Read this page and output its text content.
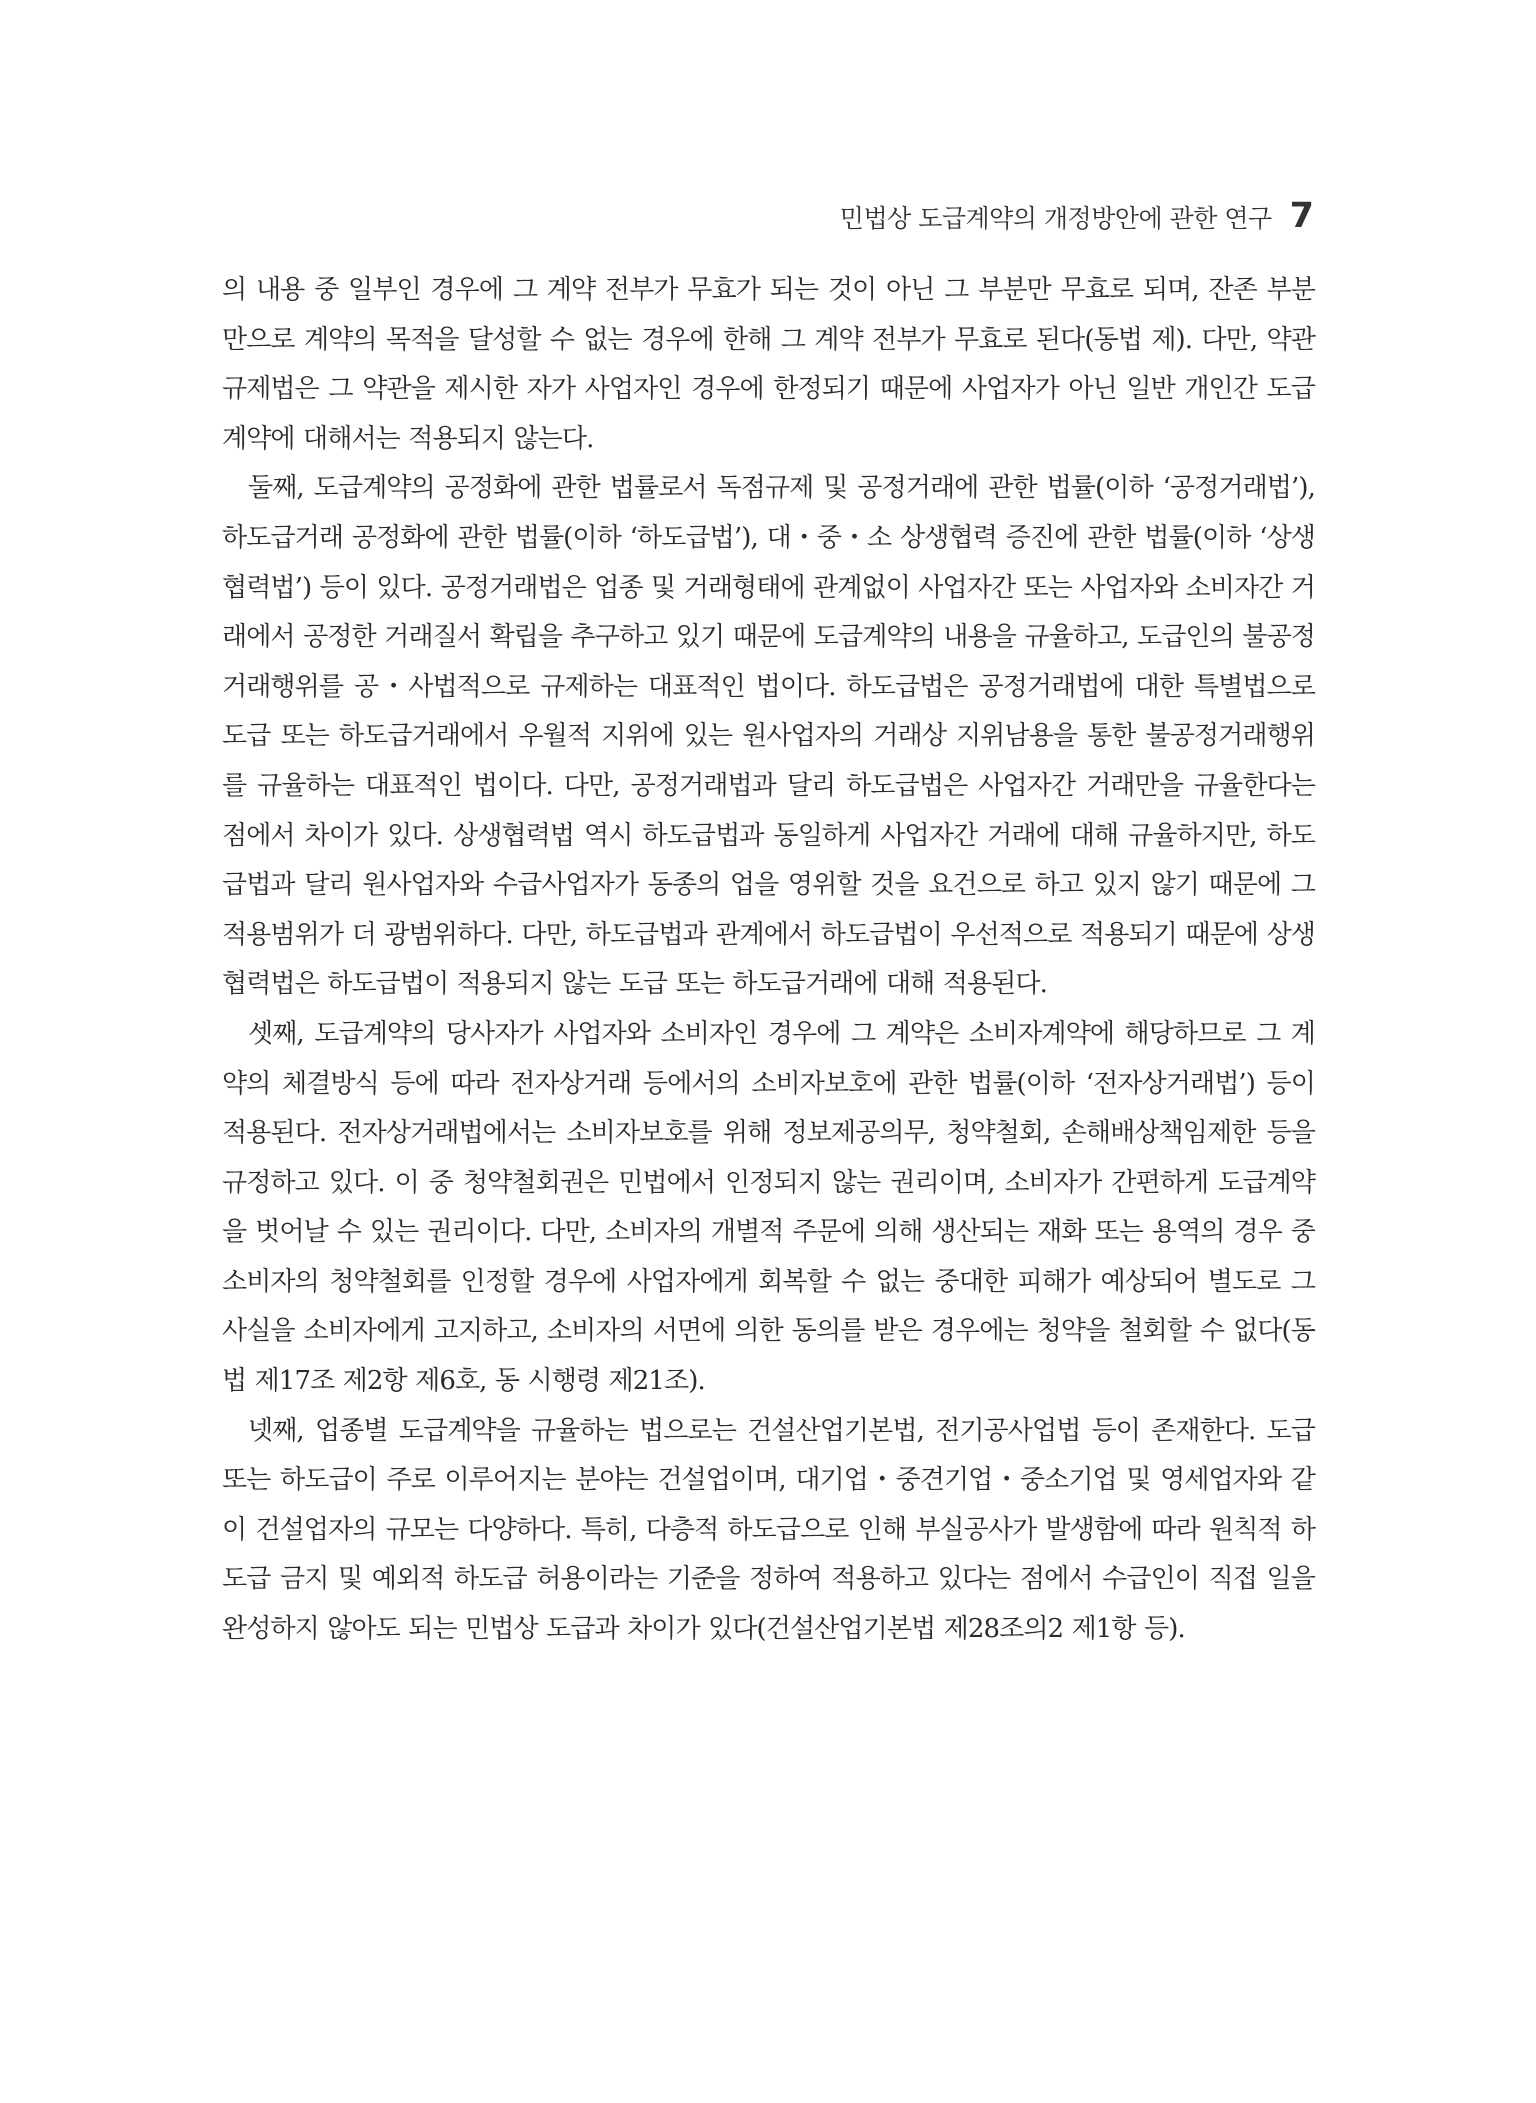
민법상 도급계약의 개정방안에 관한 연구 7

의 내용 중 일부인 경우에 그 계약 전부가 무효가 되는 것이 아닌 그 부분만 무효로 되며, 잔존 부분만으로 계약의 목적을 달성할 수 없는 경우에 한해 그 계약 전부가 무효로 된다(동법 제). 다만, 약관규제법은 그 약관을 제시한 자가 사업자인 경우에 한정되기 때문에 사업자가 아닌 일반 개인간 도급계약에 대해서는 적용되지 않는다.

둘째, 도급계약의 공정화에 관한 법률로서 독점규제 및 공정거래에 관한 법률(이하 ‘공정거래법’), 하도급거래 공정화에 관한 법률(이하 ‘하도급법’), 대・중・소 상생협력 증진에 관한 법률(이하 ‘상생협력법’) 등이 있다. 공정거래법은 업종 및 거래형태에 관계없이 사업자간 또는 사업자와 소비자간 거래에서 공정한 거래질서 확립을 추구하고 있기 때문에 도급계약의 내용을 규율하고, 도급인의 불공정거래행위를 공・사법적으로 규제하는 대표적인 법이다. 하도급법은 공정거래법에 대한 특별법으로 도급 또는 하도급거래에서 우월적 지위에 있는 원사업자의 거래상 지위남용을 통한 불공정거래행위를 규율하는 대표적인 법이다. 다만, 공정거래법과 달리 하도급법은 사업자간 거래만을 규율한다는 점에서 차이가 있다. 상생협력법 역시 하도급법과 동일하게 사업자간 거래에 대해 규율하지만, 하도급법과 달리 원사업자와 수급사업자가 동종의 업을 영위할 것을 요건으로 하고 있지 않기 때문에 그 적용범위가 더 광범위하다. 다만, 하도급법과 관계에서 하도급법이 우선적으로 적용되기 때문에 상생협력법은 하도급법이 적용되지 않는 도급 또는 하도급거래에 대해 적용된다.

셋째, 도급계약의 당사자가 사업자와 소비자인 경우에 그 계약은 소비자계약에 해당하므로 그 계약의 체결방식 등에 따라 전자상거래 등에서의 소비자보호에 관한 법률(이하 ‘전자상거래법’) 등이 적용된다. 전자상거래법에서는 소비자보호를 위해 정보제공의무, 청약철회, 손해배상책임제한 등을 규정하고 있다. 이 중 청약철회권은 민법에서 인정되지 않는 권리이며, 소비자가 간편하게 도급계약을 벗어날 수 있는 권리이다. 다만, 소비자의 개별적 주문에 의해 생산되는 재화 또는 용역의 경우 중 소비자의 청약철회를 인정할 경우에 사업자에게 회복할 수 없는 중대한 피해가 예상되어 별도로 그 사실을 소비자에게 고지하고, 소비자의 서면에 의한 동의를 받은 경우에는 청약을 철회할 수 없다(동법 제17조 제2항 제6호, 동 시행령 제21조).

넷째, 업종별 도급계약을 규율하는 법으로는 건설산업기본법, 전기공사업법 등이 존재한다. 도급 또는 하도급이 주로 이루어지는 분야는 건설업이며, 대기업・중견기업・중소기업 및 영세업자와 같이 건설업자의 규모는 다양하다. 특히, 다층적 하도급으로 인해 부실공사가 발생함에 따라 원칙적 하도급 금지 및 예외적 하도급 허용이라는 기준을 정하여 적용하고 있다는 점에서 수급인이 직접 일을 완성하지 않아도 되는 민법상 도급과 차이가 있다(건설산업기본법 제28조의2 제1항 등).
